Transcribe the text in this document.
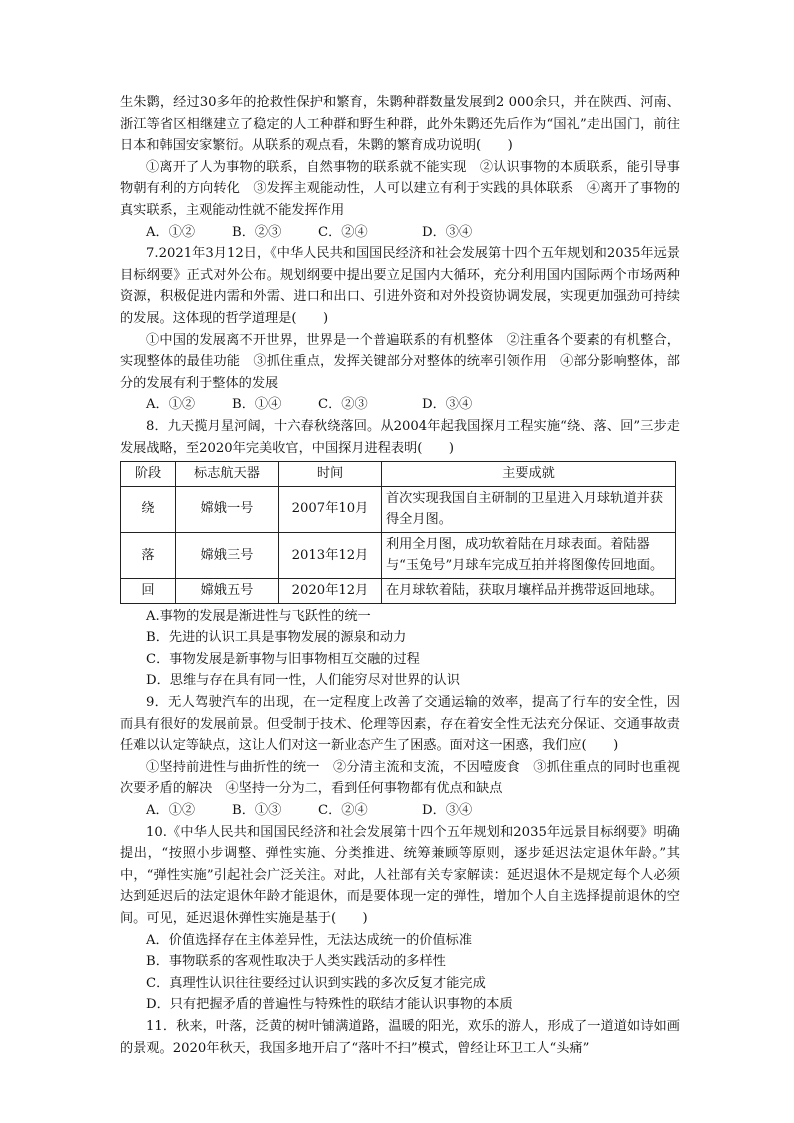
生朱鹮，经过30多年的抢救性保护和繁育，朱鹮种群数量发展到2 000余只，并在陕西、河南、浙江等省区相继建立了稳定的人工种群和野生种群，此外朱鹮还先后作为“国礼”走出国门，前往日本和韩国安家繁衍。从联系的观点看，朱鹮的繁育成功说明(　　)

①离开了人为事物的联系，自然事物的联系就不能实现　②认识事物的本质联系，能引导事物朝有利的方向转化　③发挥主观能动性，人可以建立有利于实践的具体联系　④离开了事物的真实联系，主观能动性就不能发挥作用

A．①②	B．②③	C．②④	D．③④

7.2021年3月12日，《中华人民共和国国民经济和社会发展第十四个五年规划和2035年远景目标纲要》正式对外公布。规划纲要中提出要立足国内大循环，充分利用国内国际两个市场两种资源，积极促进内需和外需、进口和出口、引进外资和对外投资协调发展，实现更加强劲可持续的发展。这体现的哲学道理是(　　)

①中国的发展离不开世界，世界是一个普遍联系的有机整体　②注重各个要素的有机整合，实现整体的最佳功能　③抓住重点，发挥关键部分对整体的统率引领作用　④部分影响整体，部分的发展有利于整体的发展

A．①②	B．①④	C．②③	D．③④

8．九天揽月星河阔，十六春秋绕落回。从2004年起我国探月工程实施“绕、落、回”三步走发展战略，至2020年完美收官，中国探月进程表明(　　)

阶段	标志航天器	时间	主要成就
绕	嫦娥一号	2007年10月	首次实现我国自主研制的卫星进入月球轨道并获得全月图。
落	嫦娥三号	2013年12月	利用全月图，成功软着陆在月球表面。着陆器与“玉兔号”月球车完成互拍并将图像传回地面。
回	嫦娥五号	2020年12月	在月球软着陆，获取月壤样品并携带返回地球。

A.事物的发展是渐进性与飞跃性的统一

B．先进的认识工具是事物发展的源泉和动力

C．事物发展是新事物与旧事物相互交融的过程

D．思维与存在具有同一性，人们能穷尽对世界的认识

9．无人驾驶汽车的出现，在一定程度上改善了交通运输的效率，提高了行车的安全性，因而具有很好的发展前景。但受制于技术、伦理等因素，存在着安全性无法充分保证、交通事故责任难以认定等缺点，这让人们对这一新业态产生了困惑。面对这一困惑，我们应(　　)

①坚持前进性与曲折性的统一　②分清主流和支流，不因噎废食　③抓住重点的同时也重视次要矛盾的解决　④坚持一分为二，看到任何事物都有优点和缺点

A．①②	B．①③	C．②④	D．③④

10.《中华人民共和国国民经济和社会发展第十四个五年规划和2035年远景目标纲要》明确提出，“按照小步调整、弹性实施、分类推进、统筹兼顾等原则，逐步延迟法定退休年龄。”其中，“弹性实施”引起社会广泛关注。对此，人社部有关专家解读：延迟退休不是规定每个人必须达到延迟后的法定退休年龄才能退休，而是要体现一定的弹性，增加个人自主选择提前退休的空间。可见，延迟退休弹性实施是基于(　　)

A．价值选择存在主体差异性，无法达成统一的价值标准

B．事物联系的客观性取决于人类实践活动的多样性

C．真理性认识往往要经过认识到实践的多次反复才能完成

D．只有把握矛盾的普遍性与特殊性的联结才能认识事物的本质

11．秋来，叶落，泛黄的树叶铺满道路，温暖的阳光，欢乐的游人，形成了一道道如诗如画的景观。2020年秋天，我国多地开启了“落叶不扫”模式，曾经让环卫工人“头痛”
